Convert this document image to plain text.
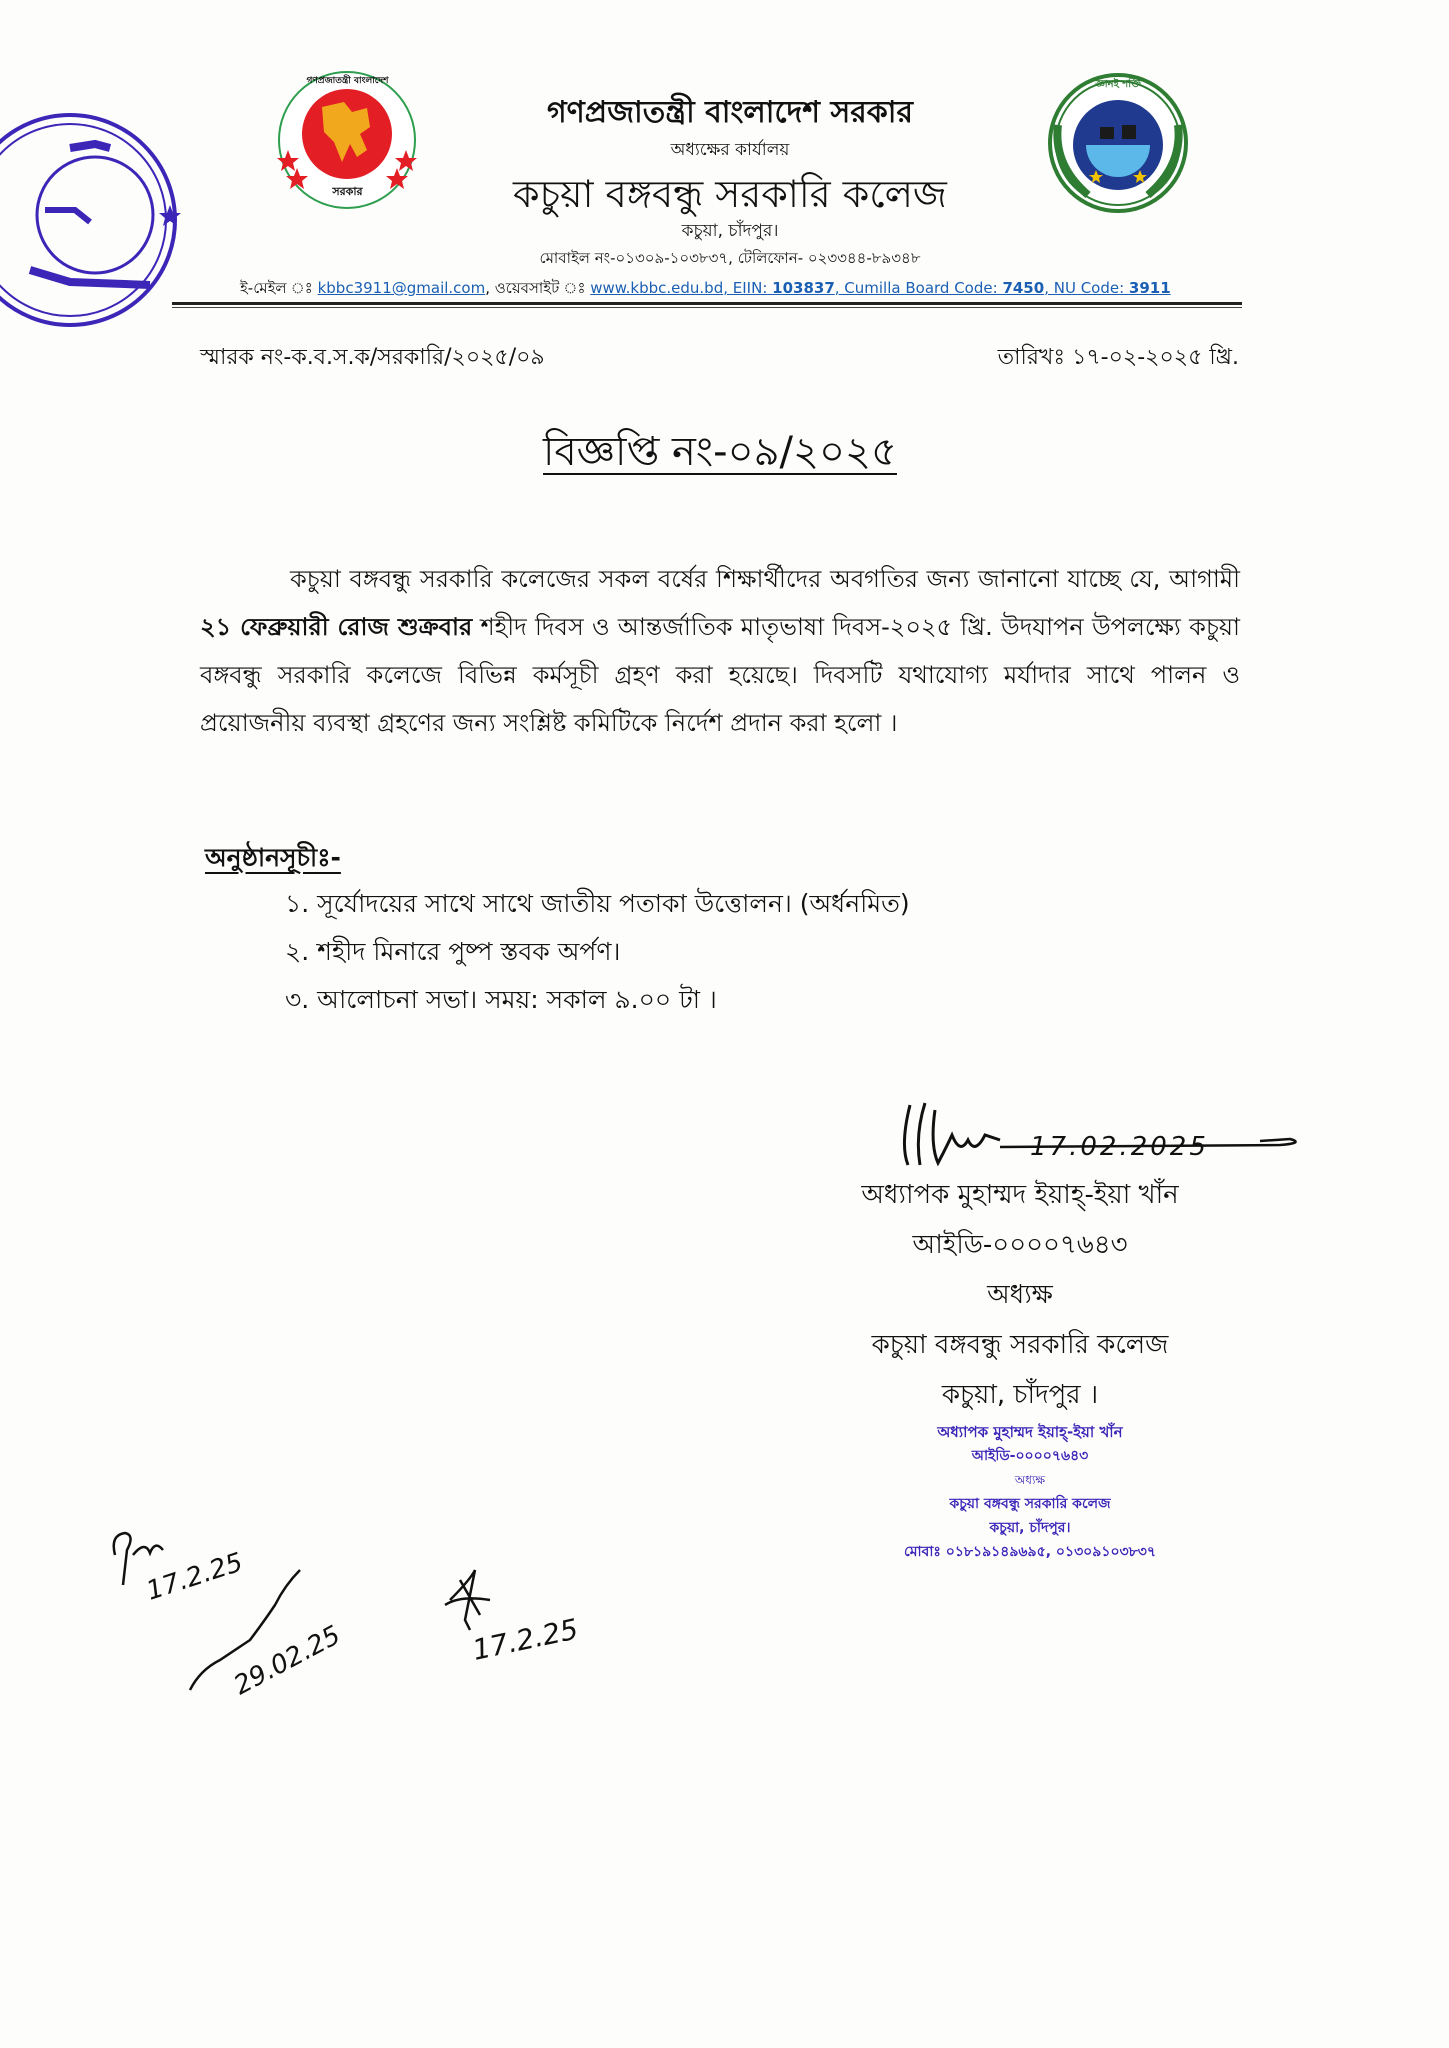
গণপ্রজাতন্ত্রী বাংলাদেশ
সরকার
জ্ঞানই শক্তি
গণপ্রজাতন্ত্রী বাংলাদেশ সরকার
অধ্যক্ষের কার্যালয়
কচুয়া বঙ্গবন্ধু সরকারি কলেজ
কচুয়া, চাঁদপুর।
মোবাইল নং-০১৩০৯-১০৩৮৩৭, টেলিফোন- ০২৩৩৪৪-৮৯৩৪৮
ই-মেইল ঃ kbbc3911@gmail.com, ওয়েবসাইট ঃ www.kbbc.edu.bd, EIIN: 103837, Cumilla Board Code: 7450, NU Code: 3911
স্মারক নং-ক.ব.স.ক/সরকারি/২০২৫/০৯	তারিখঃ ১৭-০২-২০২৫ খ্রি.
বিজ্ঞপ্তি নং-০৯/২০২৫
কচুয়া বঙ্গবন্ধু সরকারি কলেজের সকল বর্ষের শিক্ষার্থীদের অবগতির জন্য জানানো যাচ্ছে যে, আগামী ২১ ফেব্রুয়ারী রোজ শুক্রবার শহীদ দিবস ও আন্তর্জাতিক মাতৃভাষা দিবস-২০২৫ খ্রি. উদযাপন উপলক্ষ্যে কচুয়া বঙ্গবন্ধু সরকারি কলেজে বিভিন্ন কর্মসূচী গ্রহণ করা হয়েছে। দিবসটি যথাযোগ্য মর্যাদার সাথে পালন ও প্রয়োজনীয় ব্যবস্থা গ্রহণের জন্য সংশ্লিষ্ট কমিটিকে নির্দেশ প্রদান করা হলো ।
অনুষ্ঠানসূচীঃ-
১. সূর্যোদয়ের সাথে সাথে জাতীয় পতাকা উত্তোলন। (অর্ধনমিত)
২. শহীদ মিনারে পুষ্প স্তবক অর্পণ।
৩. আলোচনা সভা। সময়: সকাল ৯.০০ টা ।
17.02.2025
অধ্যাপক মুহাম্মদ ইয়াহ্-ইয়া খাঁন
আইডি-০০০০৭৬৪৩
অধ্যক্ষ
কচুয়া বঙ্গবন্ধু সরকারি কলেজ
কচুয়া, চাঁদপুর ।
অধ্যাপক মুহাম্মদ ইয়াহ্-ইয়া খাঁন
আইডি-০০০০৭৬৪৩
অধ্যক্ষ
কচুয়া বঙ্গবন্ধু সরকারি কলেজ
কচুয়া, চাঁদপুর।
মোবাঃ ০১৮১৯১৪৯৬৯৫, ০১৩০৯১০৩৮৩৭
17.2.25
29.02.25	17.2.25
